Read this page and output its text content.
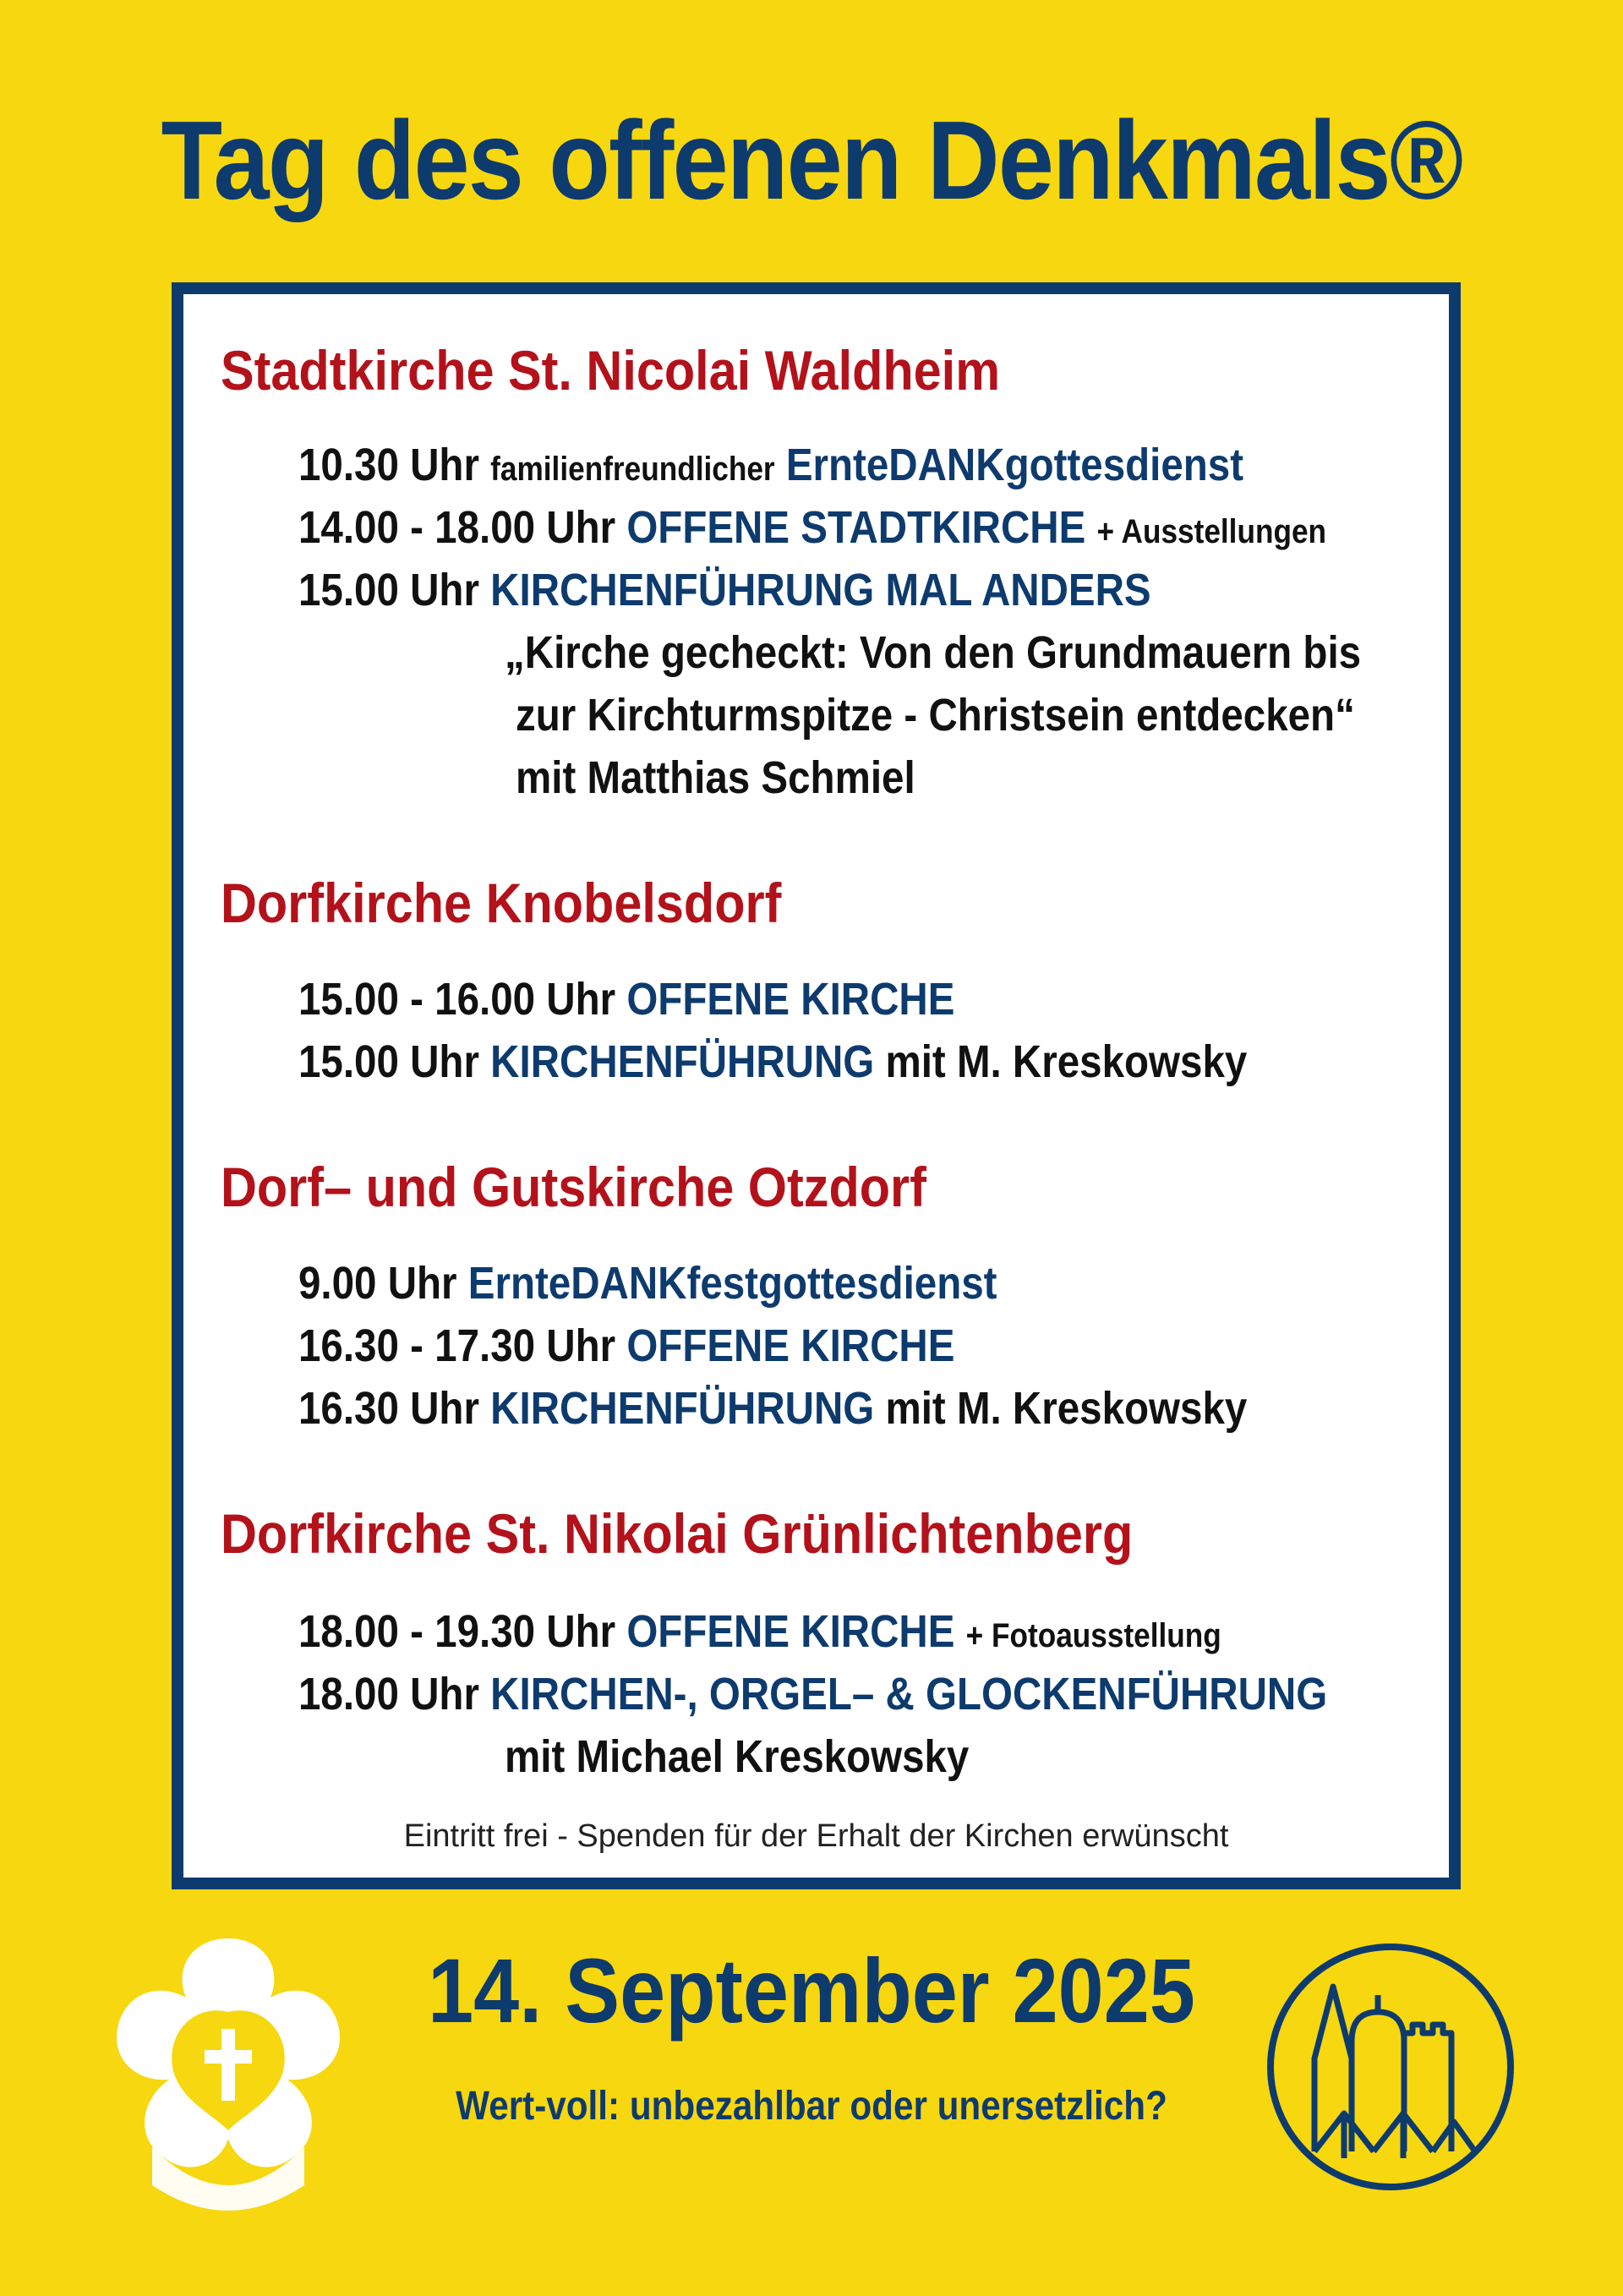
Tag des offenen Denkmals®
Stadtkirche St. Nicolai Waldheim
10.30 Uhr familienfreundlicher ErnteDANKgottesdienst
14.00 - 18.00 Uhr OFFENE STADTKIRCHE + Ausstellungen
15.00 Uhr KIRCHENFÜHRUNG MAL ANDERS
„Kirche gecheckt: Von den Grundmauern bis
zur Kirchturmspitze - Christsein entdecken“
mit Matthias Schmiel
Dorfkirche Knobelsdorf
15.00 - 16.00 Uhr OFFENE KIRCHE
15.00 Uhr KIRCHENFÜHRUNG mit M. Kreskowsky
Dorf– und Gutskirche Otzdorf
9.00 Uhr ErnteDANKfestgottesdienst
16.30 - 17.30 Uhr OFFENE KIRCHE
16.30 Uhr KIRCHENFÜHRUNG mit M. Kreskowsky
Dorfkirche St. Nikolai Grünlichtenberg
18.00 - 19.30 Uhr OFFENE KIRCHE + Fotoausstellung
18.00 Uhr KIRCHEN-, ORGEL– & GLOCKENFÜHRUNG
mit Michael Kreskowsky
Eintritt frei - Spenden für der Erhalt der Kirchen erwünscht
14. September 2025
Wert-voll: unbezahlbar oder unersetzlich?
